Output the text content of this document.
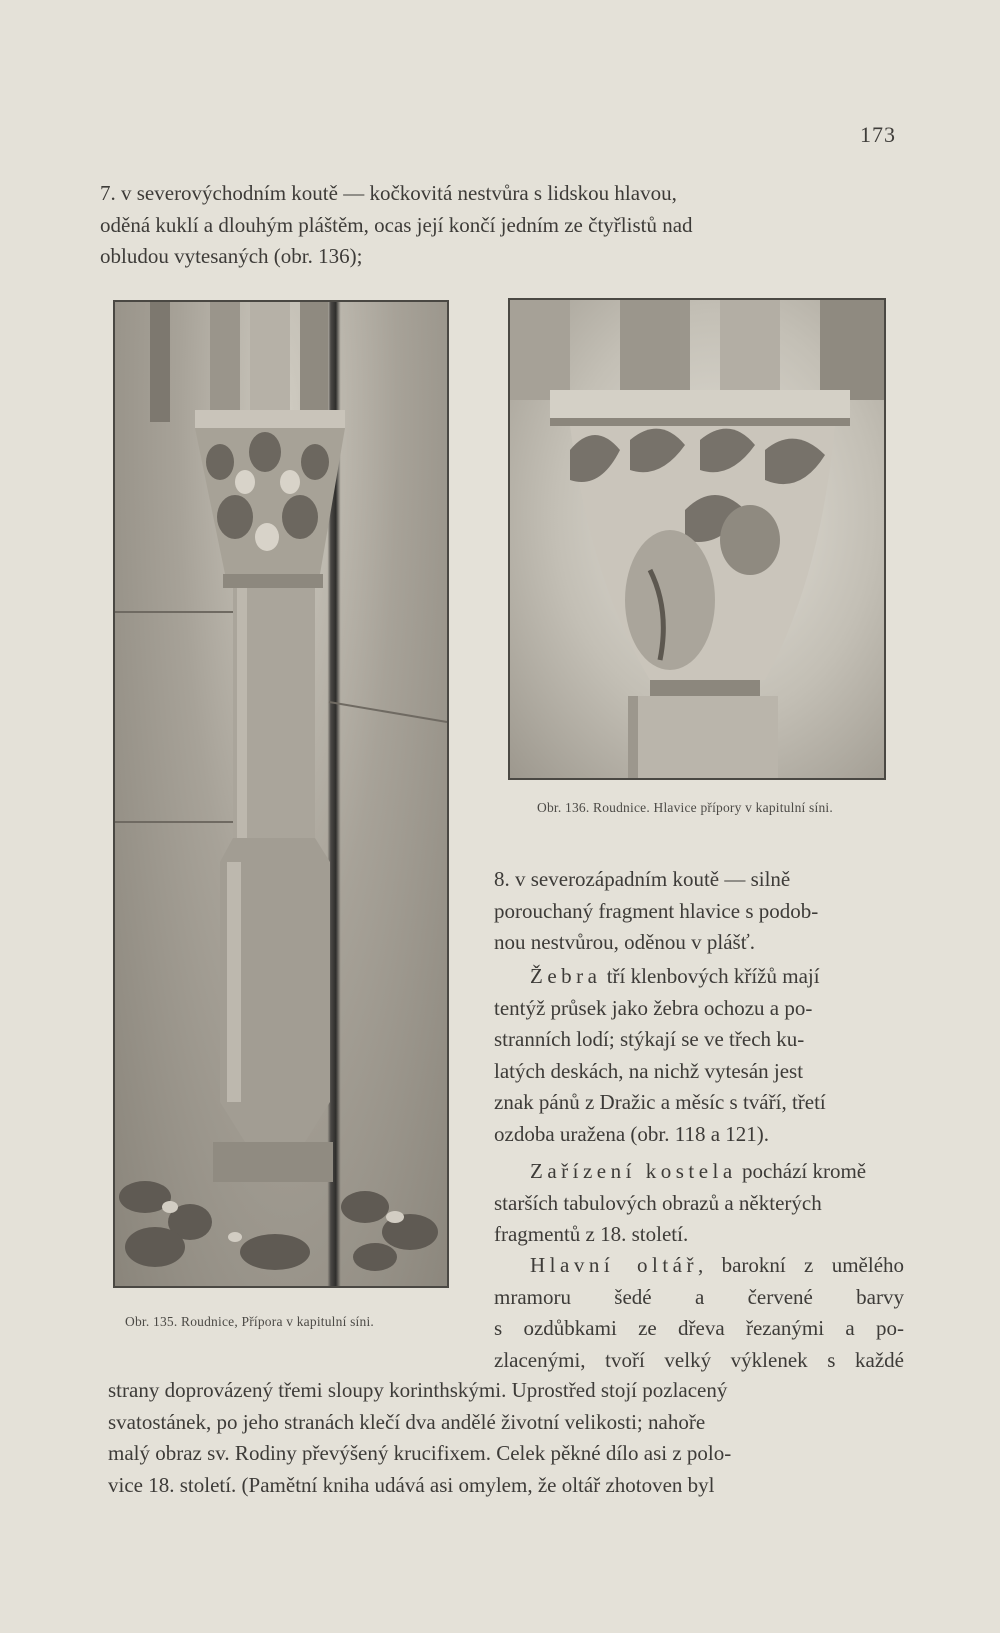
173
7. v severovýchodním koutě — kočkovitá nestvůra s lidskou hlavou,
oděná kuklí a dlouhým pláštěm, ocas její končí jedním ze čtyřlistů nad
obludou vytesaných (obr. 136);
Obr. 135. Roudnice, Přípora v kapitulní síni.
Obr. 136. Roudnice. Hlavice přípory v kapitulní síni.
8. v severozápadním koutě — silně
porouchaný fragment hlavice s podob-
nou nestvůrou, oděnou v plášť.
Žebra tří klenbových křížů mají
tentýž průsek jako žebra ochozu a po-
stranních lodí; stýkají se ve třech ku-
latých deskách, na nichž vytesán jest
znak pánů z Dražic a měsíc s tváří, třetí
ozdoba uražena (obr. 118 a 121).
Zařízení kostela pochází kromě
starších tabulových obrazů a některých
fragmentů z 18. století.
Hlavní oltář, barokní z umělého
mramoru šedé a červené barvy
s ozdůbkami ze dřeva řezanými a po-
zlacenými, tvoří velký výklenek s každé
strany doprovázený třemi sloupy korinthskými. Uprostřed stojí pozlacený
svatostánek, po jeho stranách klečí dva andělé životní velikosti; nahoře
malý obraz sv. Rodiny převýšený krucifixem. Celek pěkné dílo asi z polo-
vice 18. století. (Pamětní kniha udává asi omylem, že oltář zhotoven byl
